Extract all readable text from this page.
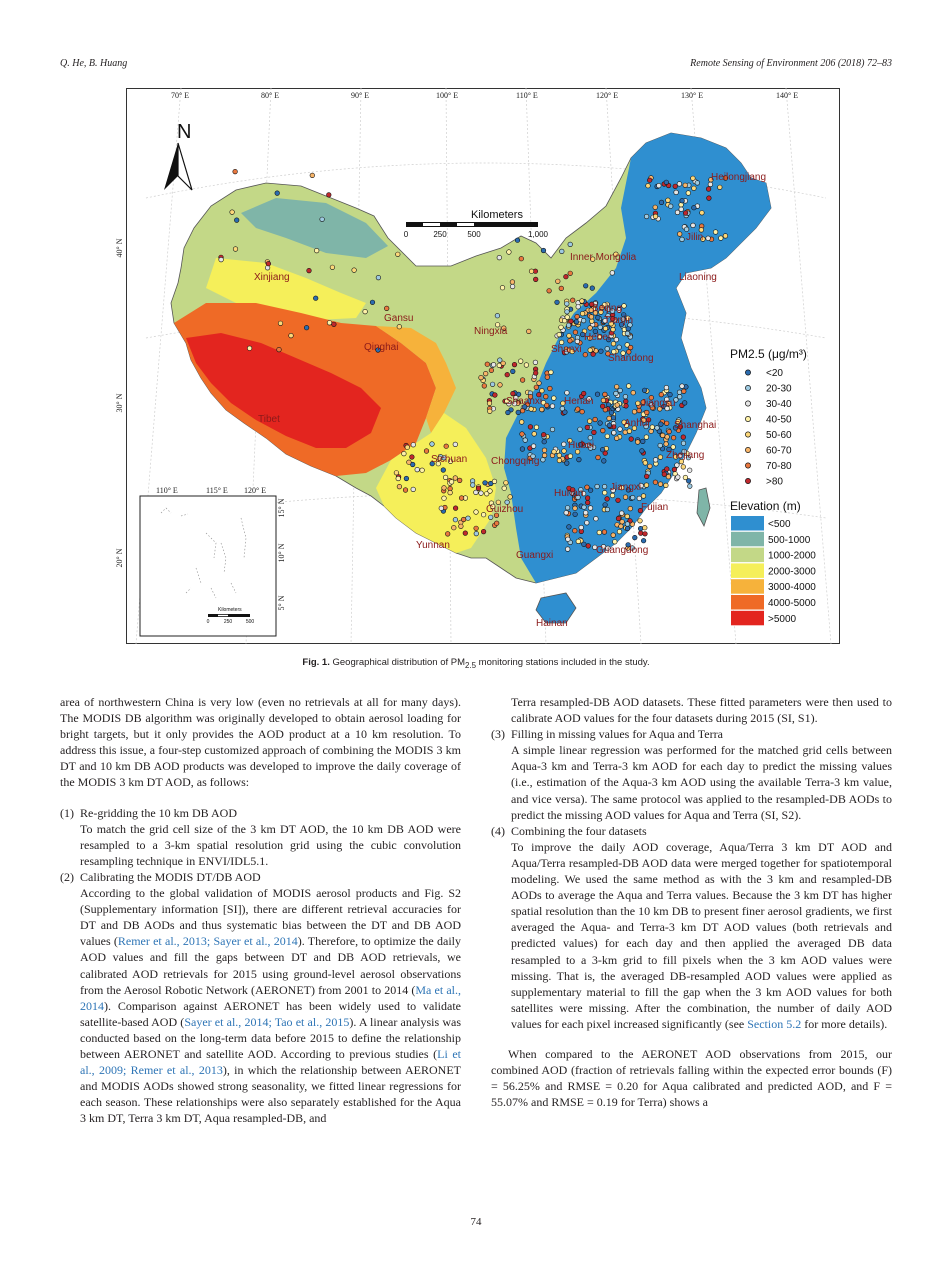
Q. He, B. Huang	Remote Sensing of Environment 206 (2018) 72–83
70° E	80° E	90° E	100° E	110° E	120° E	130° E	140° E
40° N
30° N
20° N
N
Kilometers
0	250	500	1,000
Heilongjiang
Jilin
Inner Mongolia
Liaoning
Xinjiang
Gansu
Beijing
Tianjin
Hebei
Ningxia
Shanxi
Shandong
Qinghai
Shaanxi Henan	Jiangsu
Tibet	Anhui Shanghai
Hubei
Sichuan Chongqing
Zhejiang
Jiangxi
Hunan
Fujian
Guizhou
Yunnan
Guangxi	Guangdong
Hainan
110° E	115° E 120° E
15° N
10° N
5° N
Kilometers
0	250	500
PM2.5 (μg/m³)
<20
20-30
30-40
40-50
50-60
60-70
70-80
>80
Elevation (m)
<500
500-1000
1000-2000
2000-3000
3000-4000
4000-5000
>5000
Fig. 1. Geographical distribution of $PM_{2.5}$ monitoring stations included in the study.

area of northwestern China is very low (even no retrievals at all for many days). The MODIS DB algorithm was originally developed to obtain aerosol loading for bright targets, but it only provides the AOD product at a 10 km resolution. To address this issue, a four-step customized approach of combining the MODIS 3 km DT and 10 km DB AOD products was developed to improve the daily coverage of the MODIS 3 km DT AOD, as follows:

(1) Re-gridding the 10 km DB AOD

To match the grid cell size of the 3 km DT AOD, the 10 km DB AOD were resampled to a 3-km spatial resolution grid using the cubic convolution resampling technique in ENVI/IDL5.1.

(2) Calibrating the MODIS DT/DB AOD

According to the global validation of MODIS aerosol products and Fig. S2 (Supplementary information [SI]), there are different retrieval accuracies for DT and DB AODs and thus systematic bias between the DT and DB AOD values (Remer et al., 2013; Sayer et al., 2014). Therefore, to optimize the daily AOD values and fill the gaps between DT and DB AOD retrievals, we calibrated AOD retrievals for 2015 using ground-level aerosol observations from the Aerosol Robotic Network (AERONET) from 2001 to 2014 (Ma et al., 2014). Comparison against AERONET has been widely used to validate satellite-based AOD (Sayer et al., 2014; Tao et al., 2015). A linear analysis was conducted based on the long-term data before 2015 to define the relationship between AERONET and satellite AOD. According to previous studies (Li et al., 2009; Remer et al., 2013), in which the relationship between AERONET and MODIS AODs showed strong seasonality, we fitted linear regressions for each season. These relationships were also separately established for the Aqua 3 km DT, Terra 3 km DT, Aqua resampled-DB, and

Terra resampled-DB AOD datasets. These fitted parameters were then used to calibrate AOD values for the four datasets during 2015 (SI, S1).

(3) Filling in missing values for Aqua and Terra

A simple linear regression was performed for the matched grid cells between Aqua-3 km and Terra-3 km AOD for each day to predict the missing values (i.e., estimation of the Aqua-3 km AOD using the available Terra-3 km value, and vice versa). The same protocol was applied to the resampled-DB AODs to predict the missing AOD values for Aqua and Terra (SI, S2).

(4) Combining the four datasets

To improve the daily AOD coverage, Aqua/Terra 3 km DT AOD and Aqua/Terra resampled-DB AOD data were merged together for spatiotemporal modeling. We used the same method as with the 3 km and resampled-DB AODs to average the Aqua and Terra values. Because the 3 km DT has higher spatial resolution than the 10 km DB to present finer aerosol gradients, we first averaged the Aqua- and Terra-3 km DT AOD values (both retrievals and predicted values) for each day and then applied the averaged DB data resampled to a 3-km grid to fill pixels when the 3 km AOD values were missing. That is, the averaged DB-resampled AOD values were applied as supplementary material to fill the gap when the 3 km AOD values for both satellites were missing. After the combination, the number of daily AOD values for each pixel increased significantly (see Section 5.2 for more details).

When compared to the AERONET AOD observations from 2015, our combined AOD (fraction of retrievals falling within the expected error bounds (F) = 56.25% and RMSE = 0.20 for Aqua calibrated and predicted AOD, and F = 55.07% and RMSE = 0.19 for Terra) shows a

74
